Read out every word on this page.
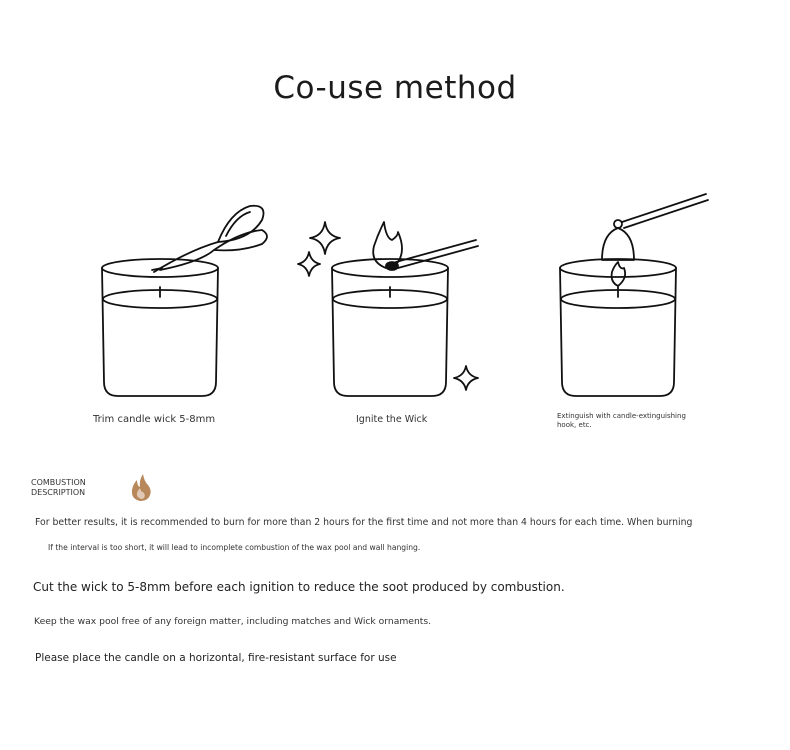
Co-use method
Trim candle wick 5-8mm	Ignite the Wick	Extinguish with candle-extinguishing hook, etc.
COMBUSTION DESCRIPTION
For better results, it is recommended to burn for more than 2 hours for the first time and not more than 4 hours for each time. When burning
If the interval is too short, it will lead to incomplete combustion of the wax pool and wall hanging.
Cut the wick to 5-8mm before each ignition to reduce the soot produced by combustion.
Keep the wax pool free of any foreign matter, including matches and Wick ornaments.
Please place the candle on a horizontal, fire-resistant surface for use
